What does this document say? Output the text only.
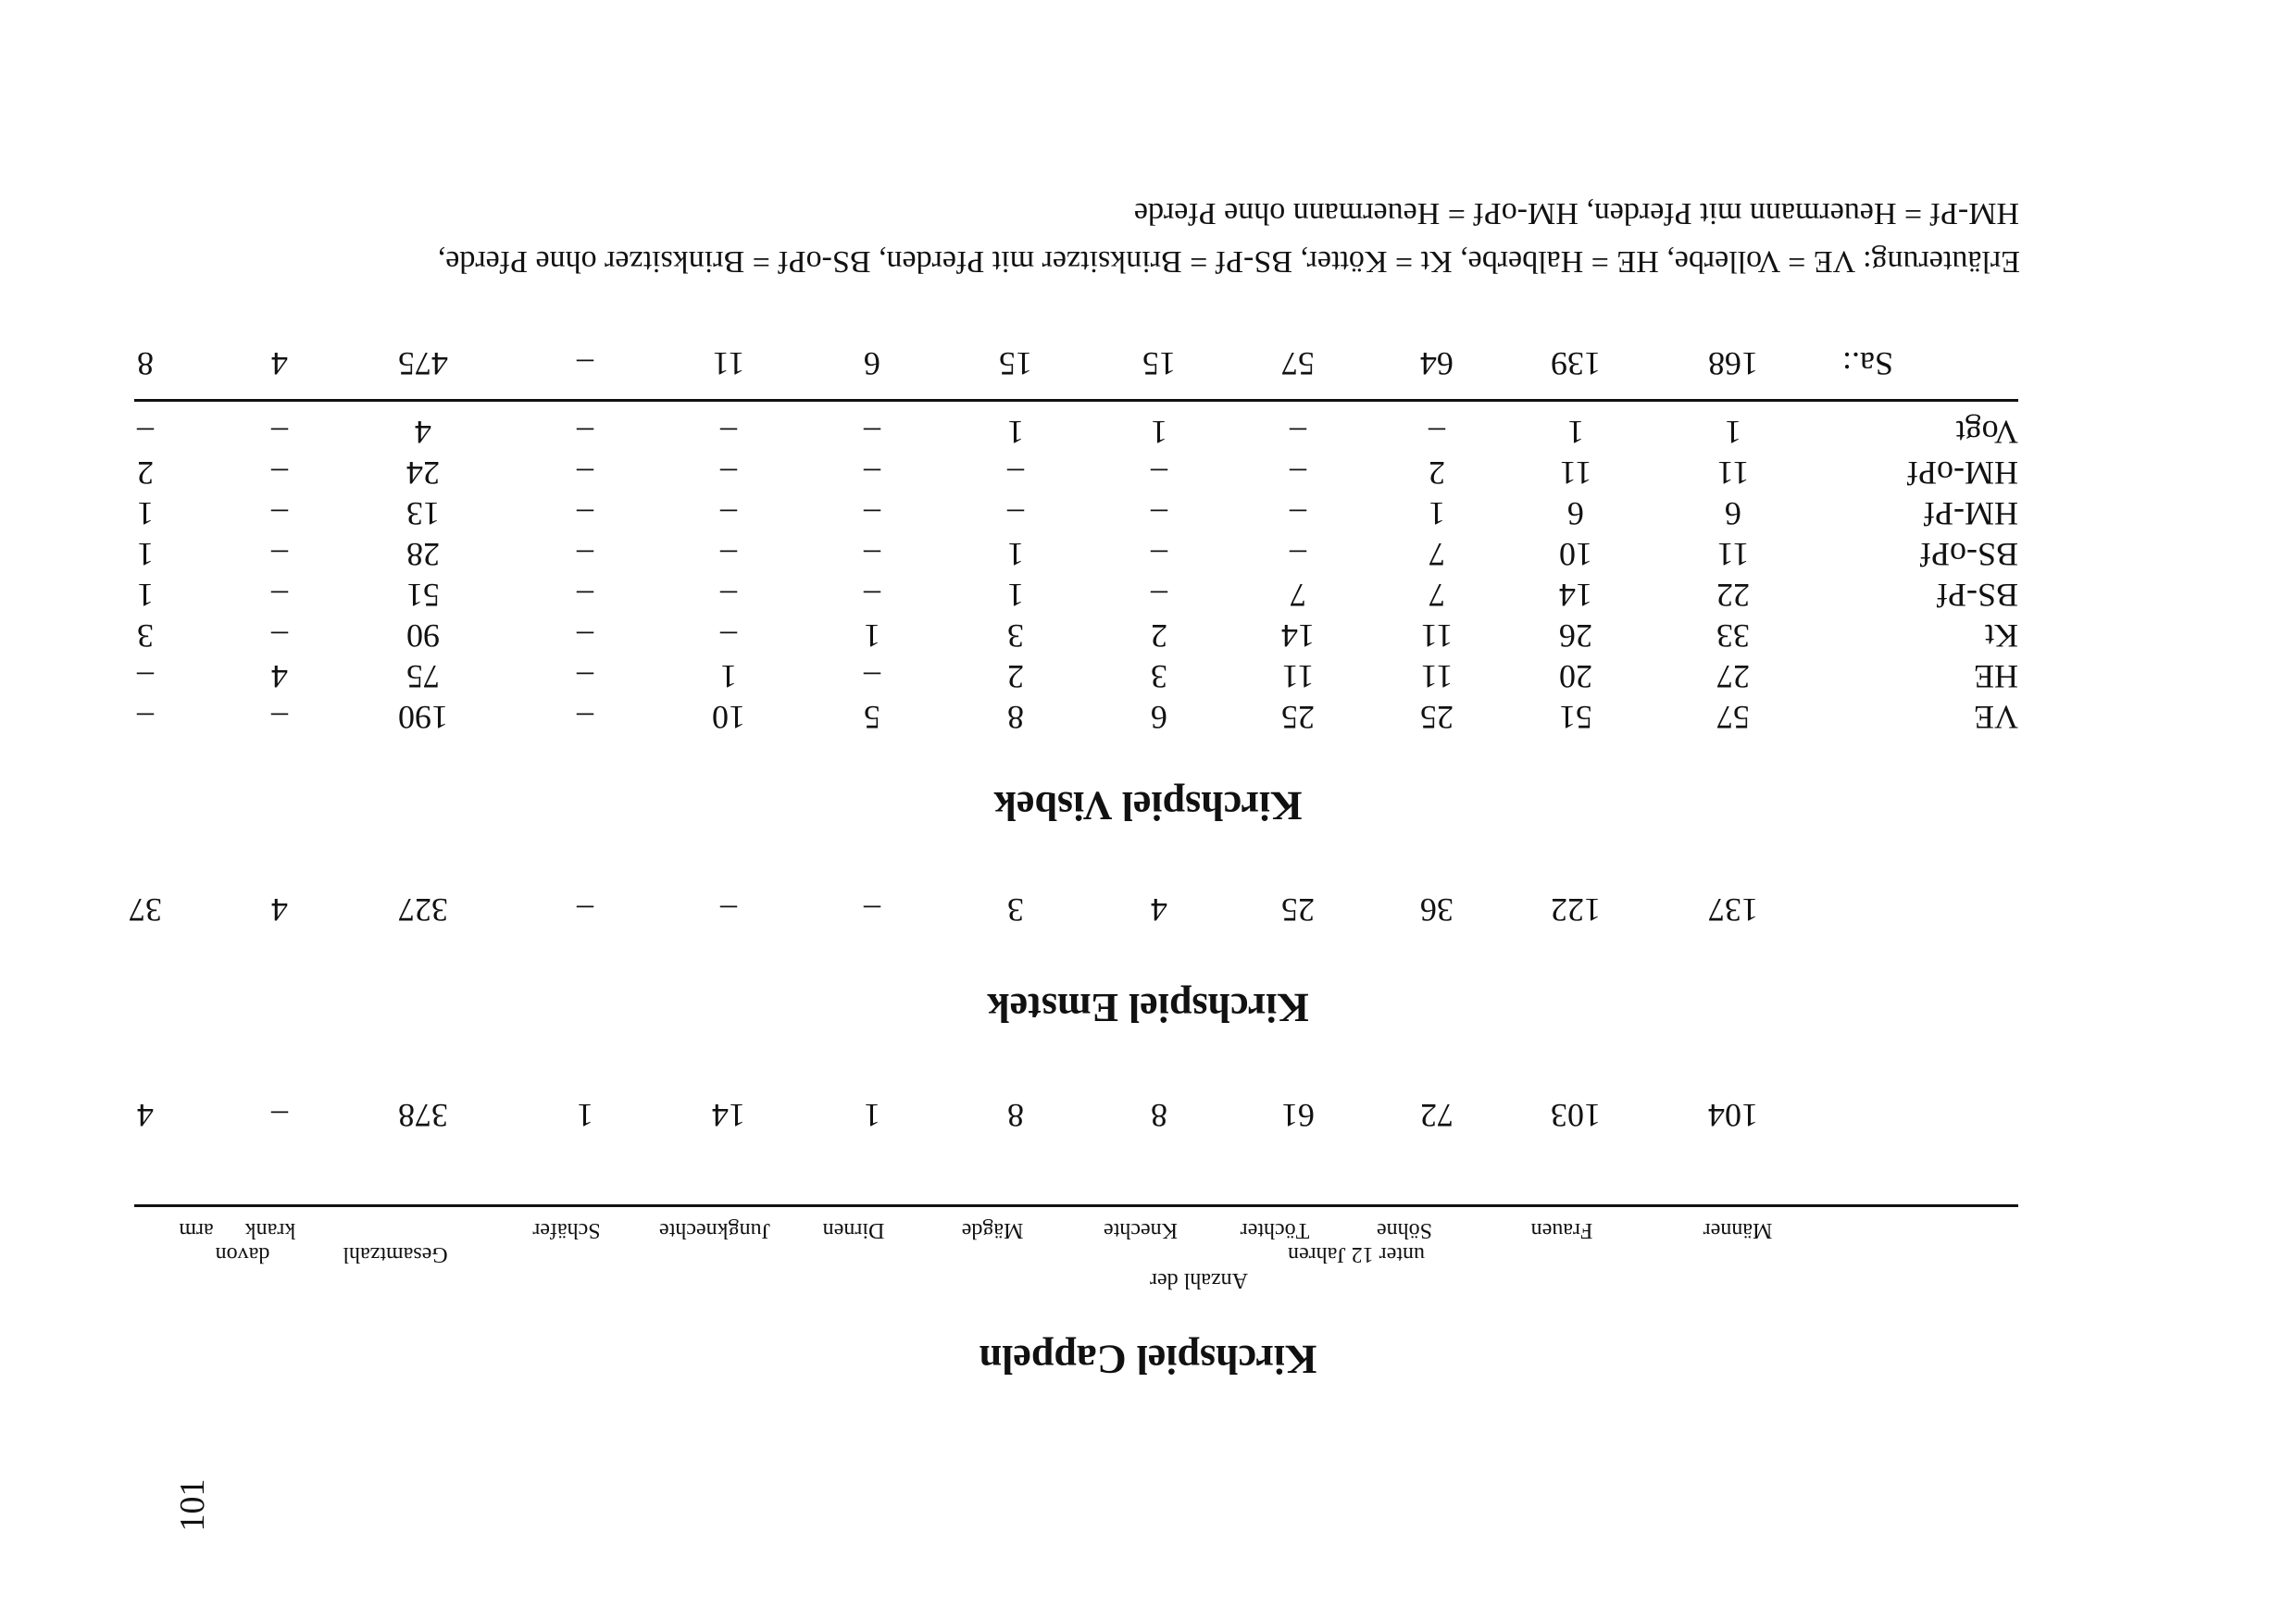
101
Kirchspiel Cappeln
Anzahl der
unter 12 Jahren
Männer
Frauen
Söhne
Töchter
Knechte
Mägde
Dirnen
Jungknechte
Schäfer
Gesamtzahl
davon
krank
arm
104
103
72
61
8
8
1
14
1
378
–
4
Kirchspiel Emstek
137
122
36
25
4
3
–
–
–
327
4
37
Kirchspiel Visbek
VE
57
51
25
25
6
8
5
10
–
190
–
–
HE
27
20
11
11
3
2
–
1
–
75
4
–
Kt
33
26
11
14
2
3
1
–
–
90
–
3
BS-Pf
22
14
7
7
–
1
–
–
–
51
–
1
BS-oPf
11
10
7
–
–
1
–
–
–
28
–
1
HM-Pf
6
6
1
–
–
–
–
–
–
13
–
1
HM-oPf
11
11
2
–
–
–
–
–
–
24
–
2
Vogt
1
1
–
–
1
1
–
–
–
4
–
–
Sa.:
168
139
64
57
15
15
6
11
–
475
4
8
Erläuterung: VE = Vollerbe, HE = Halberbe, Kt = Kötter, BS-Pf = Brinksitzer mit Pferden, BS-oPf = Brinksitzer ohne Pferde,
HM-Pf = Heuermann mit Pferden, HM-oPf = Heuermann ohne Pferde
